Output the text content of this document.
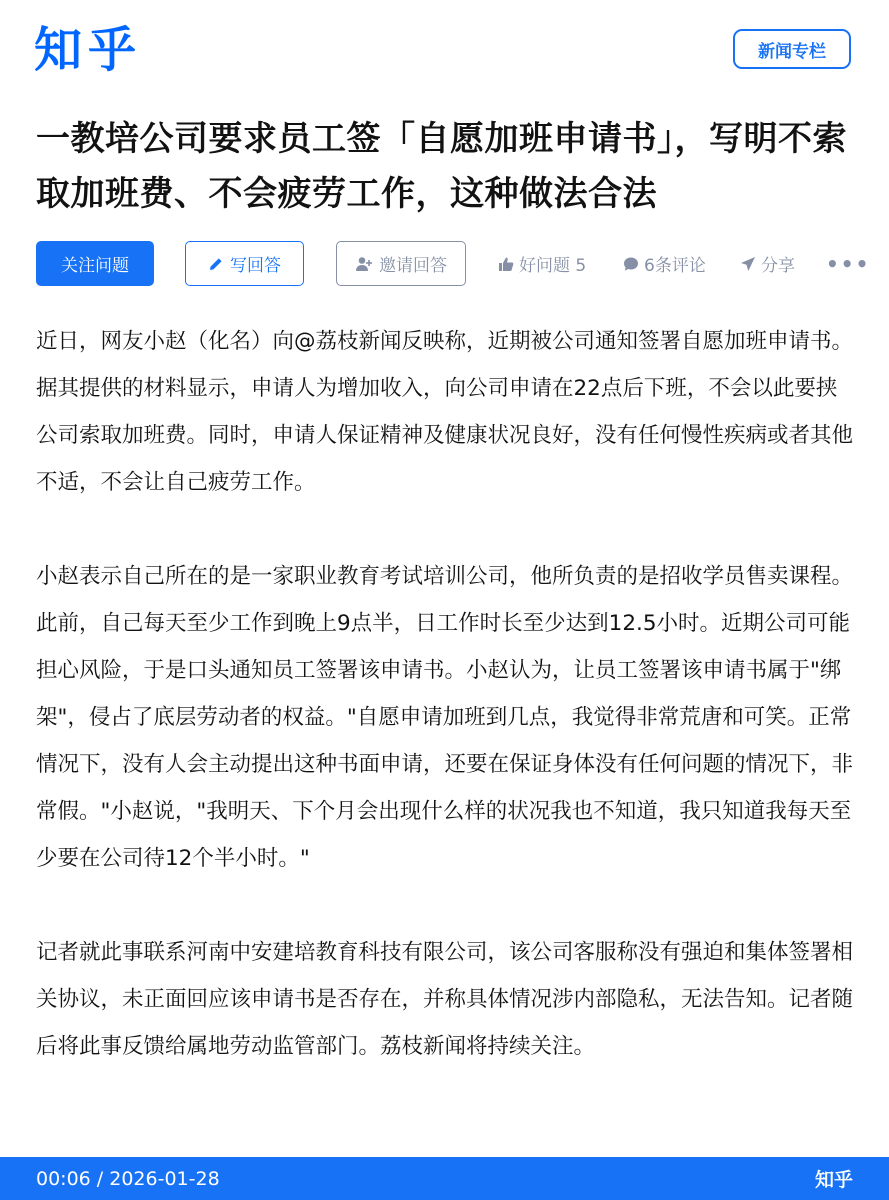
知乎	新闻专栏
一教培公司要求员工签「自愿加班申请书」，写明不索取加班费、不会疲劳工作，这种做法合法
关注问题	写回答	邀请回答	好问题 5	6条评论	分享 •••

近日，网友小赵（化名）向@荔枝新闻反映称，近期被公司通知签署自愿加班申请书。据其提供的材料显示，申请人为增加收入，向公司申请在22点后下班，不会以此要挟公司索取加班费。同时，申请人保证精神及健康状况良好，没有任何慢性疾病或者其他不适，不会让自己疲劳工作。

小赵表示自己所在的是一家职业教育考试培训公司，他所负责的是招收学员售卖课程。此前，自己每天至少工作到晚上9点半，日工作时长至少达到12.5小时。近期公司可能担心风险，于是口头通知员工签署该申请书。小赵认为，让员工签署该申请书属于"绑架"，侵占了底层劳动者的权益。"自愿申请加班到几点，我觉得非常荒唐和可笑。正常情况下，没有人会主动提出这种书面申请，还要在保证身体没有任何问题的情况下，非常假。"小赵说，"我明天、下个月会出现什么样的状况我也不知道，我只知道我每天至少要在公司待12个半小时。"

记者就此事联系河南中安建培教育科技有限公司，该公司客服称没有强迫和集体签署相关协议，未正面回应该申请书是否存在，并称具体情况涉内部隐私，无法告知。记者随后将此事反馈给属地劳动监管部门。荔枝新闻将持续关注。

00:06 / 2026-01-28	知乎
